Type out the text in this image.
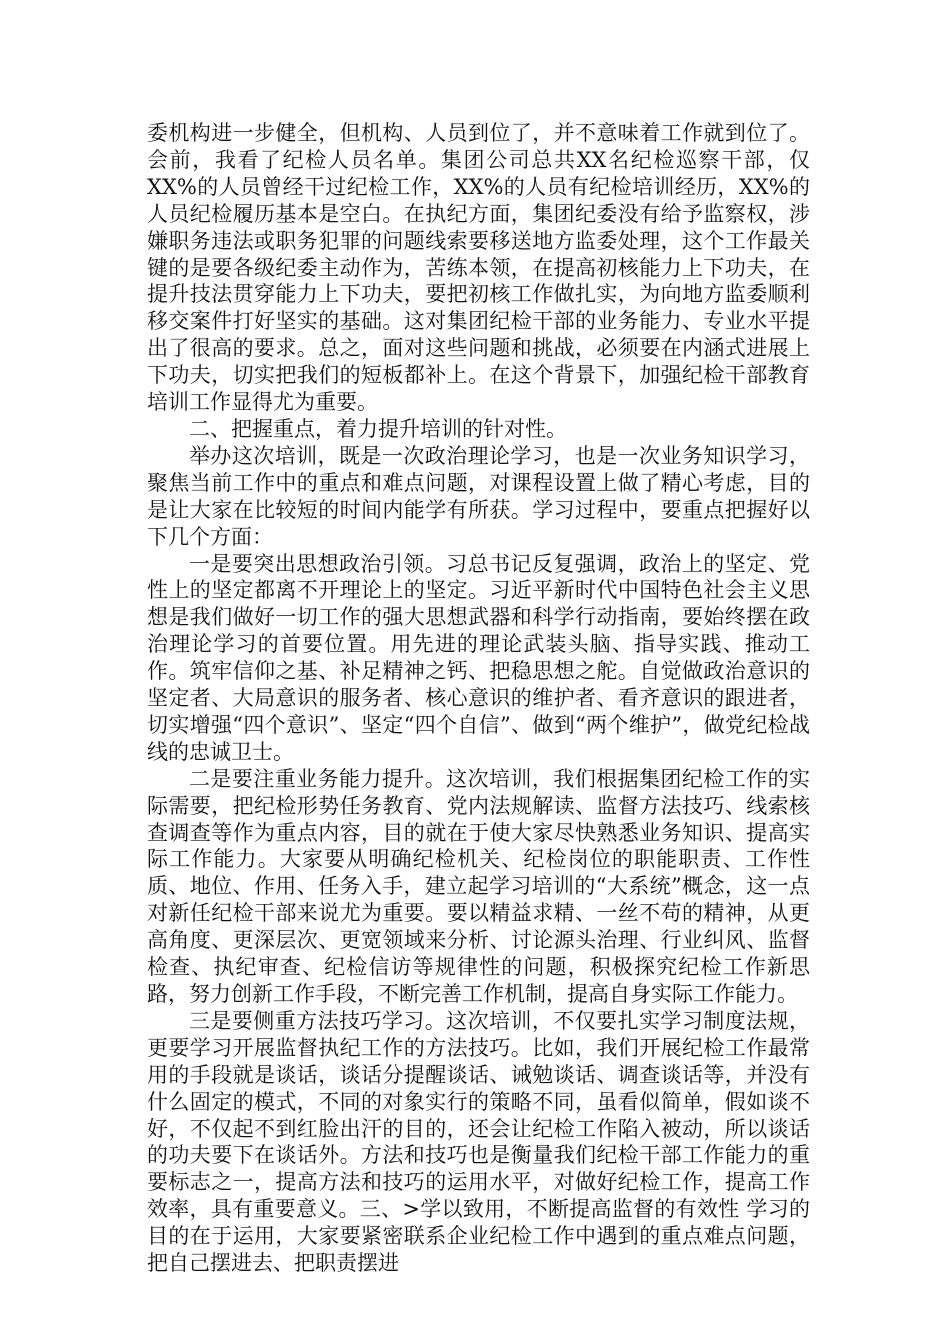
委机构进一步健全，但机构、人员到位了，并不意味着工作就到位了。会前，我看了纪检人员名单。集团公司总共XX名纪检巡察干部，仅XX%的人员曾经干过纪检工作，XX%的人员有纪检培训经历，XX%的人员纪检履历基本是空白。在执纪方面，集团纪委没有给予监察权，涉嫌职务违法或职务犯罪的问题线索要移送地方监委处理，这个工作最关键的是要各级纪委主动作为，苦练本领，在提高初核能力上下功夫，在提升技法贯穿能力上下功夫，要把初核工作做扎实，为向地方监委顺利移交案件打好坚实的基础。这对集团纪检干部的业务能力、专业水平提出了很高的要求。总之，面对这些问题和挑战，必须要在内涵式进展上下功夫，切实把我们的短板都补上。在这个背景下，加强纪检干部教育培训工作显得尤为重要。

二、把握重点，着力提升培训的针对性。

举办这次培训，既是一次政治理论学习，也是一次业务知识学习，聚焦当前工作中的重点和难点问题，对课程设置上做了精心考虑，目的是让大家在比较短的时间内能学有所获。学习过程中，要重点把握好以下几个方面：

一是要突出思想政治引领。习总书记反复强调，政治上的坚定、党性上的坚定都离不开理论上的坚定。习近平新时代中国特色社会主义思想是我们做好一切工作的强大思想武器和科学行动指南，要始终摆在政治理论学习的首要位置。用先进的理论武装头脑、指导实践、推动工作。筑牢信仰之基、补足精神之钙、把稳思想之舵。自觉做政治意识的坚定者、大局意识的服务者、核心意识的维护者、看齐意识的跟进者，切实增强“四个意识”、坚定“四个自信”、做到“两个维护”，做党纪检战线的忠诚卫士。

二是要注重业务能力提升。这次培训，我们根据集团纪检工作的实际需要，把纪检形势任务教育、党内法规解读、监督方法技巧、线索核查调查等作为重点内容，目的就在于使大家尽快熟悉业务知识、提高实际工作能力。大家要从明确纪检机关、纪检岗位的职能职责、工作性质、地位、作用、任务入手，建立起学习培训的“大系统”概念，这一点对新任纪检干部来说尤为重要。要以精益求精、一丝不苟的精神，从更高角度、更深层次、更宽领域来分析、讨论源头治理、行业纠风、监督检查、执纪审查、纪检信访等规律性的问题，积极探究纪检工作新思路，努力创新工作手段，不断完善工作机制，提高自身实际工作能力。

三是要侧重方法技巧学习。这次培训，不仅要扎实学习制度法规，更要学习开展监督执纪工作的方法技巧。比如，我们开展纪检工作最常用的手段就是谈话，谈话分提醒谈话、诫勉谈话、调查谈话等，并没有什么固定的模式，不同的对象实行的策略不同，虽看似简单，假如谈不好，不仅起不到红脸出汗的目的，还会让纪检工作陷入被动，所以谈话的功夫要下在谈话外。方法和技巧也是衡量我们纪检干部工作能力的重要标志之一，提高方法和技巧的运用水平，对做好纪检工作，提高工作效率，具有重要意义。三、>学以致用，不断提高监督的有效性 学习的目的在于运用，大家要紧密联系企业纪检工作中遇到的重点难点问题，把自己摆进去、把职责摆进
